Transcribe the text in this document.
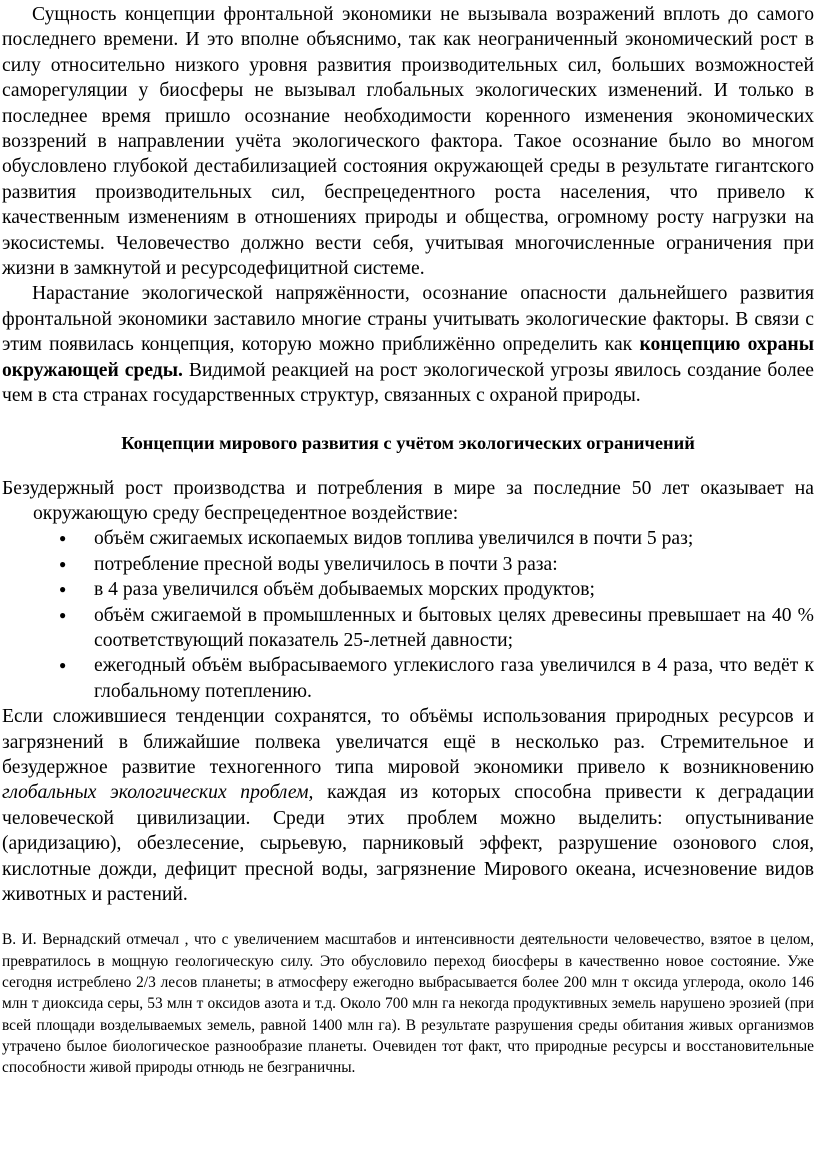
Сущность концепции фронтальной экономики не вызывала возражений вплоть до самого последнего времени. И это вполне объяснимо, так как неограниченный экономический рост в силу относительно низкого уровня развития производительных сил, больших возможностей саморегуляции у биосферы не вызывал глобальных экологических изменений. И только в последнее время пришло осознание необходимости коренного изменения экономических воззрений в направлении учёта экологического фактора. Такое осознание было во многом обусловлено глубокой дестабилизацией состояния окружающей среды в результате гигантского развития производительных сил, беспрецедентного роста населения, что привело к качественным изменениям в отношениях природы и общества, огромному росту нагрузки на экосистемы. Человечество должно вести себя, учитывая многочисленные ограничения при жизни в замкнутой и ресурсодефицитной системе.

Нарастание экологической напряжённости, осознание опасности дальнейшего развития фронтальной экономики заставило многие страны учитывать экологические факторы. В связи с этим появилась концепция, которую можно приближённо определить как концепцию охраны окружающей среды. Видимой реакцией на рост экологической угрозы явилось создание более чем в ста странах государственных структур, связанных с охраной природы.

Концепции мирового развития с учётом экологических ограничений

Безудержный рост производства и потребления в мире за последние 50 лет оказывает на окружающую среду беспрецедентное воздействие:

●	объём сжигаемых ископаемых видов топлива увеличился в почти 5 раз;
●	потребление пресной воды увеличилось в почти 3 раза:
●	в 4 раза увеличился объём добываемых морских продуктов;
●	объём сжигаемой в промышленных и бытовых целях древесины превышает на 40 % соответствующий показатель 25-летней давности;
●	ежегодный объём выбрасываемого углекислого газа увеличился в 4 раза, что ведёт к глобальному потеплению.

Если сложившиеся тенденции сохранятся, то объёмы использования природных ресурсов и загрязнений в ближайшие полвека увеличатся ещё в несколько раз. Стремительное и безудержное развитие техногенного типа мировой экономики привело к возникновению глобальных экологических проблем, каждая из которых способна привести к деградации человеческой цивилизации. Среди этих проблем можно выделить: опустынивание (аридизацию), обезлесение, сырьевую, парниковый эффект, разрушение озонового слоя, кислотные дожди, дефицит пресной воды, загрязнение Мирового океана, исчезновение видов животных и растений.

В. И. Вернадский отмечал , что с увеличением масштабов и интенсивности деятельности человечество, взятое в целом, превратилось в мощную геологическую силу. Это обусловило переход биосферы в качественно новое состояние. Уже сегодня истреблено 2/3 лесов планеты; в атмосферу ежегодно выбрасывается более 200 млн т оксида углерода, около 146 млн т диоксида серы, 53 млн т оксидов азота и т.д. Около 700 млн га некогда продуктивных земель нарушено эрозией (при всей площади возделываемых земель, равной 1400 млн га). В результате разрушения среды обитания живых организмов утрачено былое биологическое разнообразие планеты. Очевиден тот факт, что природные ресурсы и восстановительные способности живой природы отнюдь не безграничны.
